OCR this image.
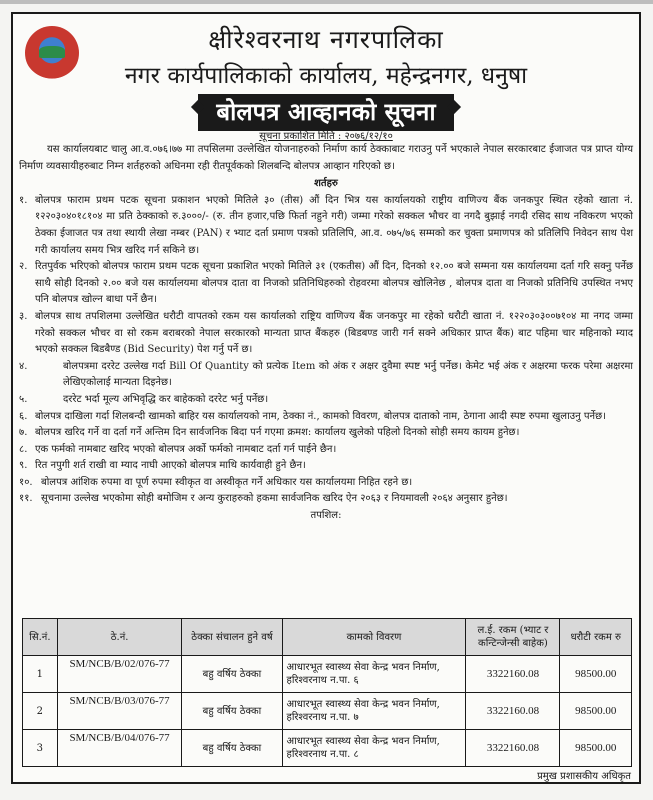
क्षीरेश्वरनाथ नगरपालिका
नगर कार्यपालिकाको कार्यालय, महेन्द्रनगर, धनुषा
बोलपत्र आव्हानको सूचना
सूचना प्रकाशित मिति : २०७६/१२/१०

यस कार्यालयबाट चालु आ.व.०७६।७७ मा तपसिलमा उल्लेखित योजनाहरुको निर्माण कार्य ठेक्काबाट गराउनु पर्ने भएकाले नेपाल सरकारबाट ईजाजत पत्र प्राप्त योग्य निर्माण व्यवसायीहरुबाट निम्न शर्तहरुको अधिनमा रही रीतपूर्वकको शिलबन्दि बोलपत्र आव्हान गरिएको छ।

शर्तहरु

१. बोलपत्र फाराम प्रथम पटक सूचना प्रकाशन भएको मितिले ३० (तीस) औं दिन भित्र यस कार्यालयको राष्ट्रीय वाणिज्य बैंक जनकपुर स्थित रहेको खाता नं. १२२०३०४०१८१०४ मा प्रति ठेक्काको रु.३०००/- (रु. तीन हजार,पछि फिर्ता नहुने गरी) जम्मा गरेको सक्कल भौचर वा नगदै बुझाई नगदी रसिद साथ नविकरण भएको ठेक्का ईजाजत पत्र तथा स्थायी लेखा नम्बर (PAN) र भ्याट दर्ता प्रमाण पत्रको प्रतिलिपि, आ.व. ०७५/७६ सम्मको कर चुक्ता प्रमाणपत्र को प्रतिलिपि निवेदन साथ पेश गरी कार्यालय समय भित्र खरिद गर्न सकिने छ।

२. रितपुर्वक भरिएको बोलपत्र फाराम प्रथम पटक सूचना प्रकाशित भएको मितिले ३१ (एकतीस) औं दिन, दिनको १२.०० बजे सम्मना यस कार्यालयमा दर्ता गरि सक्नु पर्नेछ साथै सोही दिनको २.०० बजे यस कार्यालयमा बोलपत्र दाता वा निजको प्रतिनिधिहरुको रोहवरमा बोलपत्र खोलिनेछ , बोलपत्र दाता वा निजको प्रतिनिधि उपस्थित नभए पनि बोलपत्र खोल्न बाधा पर्ने छैन।

३. बोलपत्र साथ तपशिलमा उल्लेखित धरौटी वापतको रकम यस कार्यालको राष्ट्रिय वाणिज्य बैंक जनकपुर मा रहेको धरौटी खाता नं. १२२०३०३००७१०४ मा नगद जम्मा गरेको सक्कल भौचर वा सो रकम बराबरको नेपाल सरकारको मान्यता प्राप्त बैंकहरु (बिडबण्ड जारी गर्न सक्ने अधिकार प्राप्त बैंक) बाट पहिमा चार महिनाको म्याद भएको सक्कल बिडबैण्ड (Bid Security) पेश गर्नु पर्ने छ।

४.	बोलपत्रमा दररेट उल्लेख गर्दा Bill Of Quantity को प्रत्येक Item को अंक र अक्षर दुवैमा स्पष्ट भर्नु पर्नेछ। केमेट भई अंक र अक्षरमा फरक परेमा अक्षरमा लेखिएकोलाई मान्यता दिइनेछ।

५.	दररेट भर्दा मूल्य अभिवृद्धि कर बाहेकको दररेट भर्नु पर्नेछ।

६. बोलपत्र दाखिला गर्दा शिलबन्दी खामको बाहिर यस कार्यालयको नाम, ठेक्का नं., कामको विवरण, बोलपत्र दाताको नाम, ठेगाना आदी स्पष्ट रुपमा खुलाउनु पर्नेछ।

७. बोलपत्र खरिद गर्ने वा दर्ता गर्ने अन्तिम दिन सार्वजनिक बिदा पर्न गएमा क्रमश: कार्यालय खुलेको पहिलो दिनको सोही समय कायम हुनेछ।

८. एक फर्मको नामबाट खरिद भएको बोलपत्र अर्को फर्मको नामबाट दर्ता गर्न पाईने छैन।

९. रित नपुगी शर्त राखी वा म्याद नाघी आएको बोलपत्र माथि कार्यवाही हुने छैन।

१०. बोलपत्र आंशिक रुपमा वा पूर्ण रुपमा स्वीकृत वा अस्वीकृत गर्ने अधिकार यस कार्यालयमा निहित रहने छ।

११. सूचनामा उल्लेख भएकोमा सोही बमोजिम र अन्य कुराहरुको हकमा सार्वजनिक खरिद ऐन २०६३ र नियमावली २०६४ अनुसार हुनेछ।

तपशिल:

सि.नं.	ठे.नं.	ठेक्का संचालन हुने वर्ष	कामको विवरण	ल.ई. रकम (भ्याट र कन्टिन्जेन्सी बाहेक)	धरौटी रकम रु
1	SM/NCB/B/02/076-77	बहु वर्षिय ठेक्का	आधारभूत स्वास्थ्य सेवा केन्द्र भवन निर्माण, हरिश्वरनाथ न.पा. ६	3322160.08	98500.00
2	SM/NCB/B/03/076-77	बहु वर्षिय ठेक्का	आधारभूत स्वास्थ्य सेवा केन्द्र भवन निर्माण, हरिश्वरनाथ न.पा. ७	3322160.08	98500.00
3	SM/NCB/B/04/076-77	बहु वर्षिय ठेक्का	आधारभूत स्वास्थ्य सेवा केन्द्र भवन निर्माण, हरिश्वरनाथ न.पा. ८	3322160.08	98500.00
प्रमुख प्रशासकीय अधिकृत
